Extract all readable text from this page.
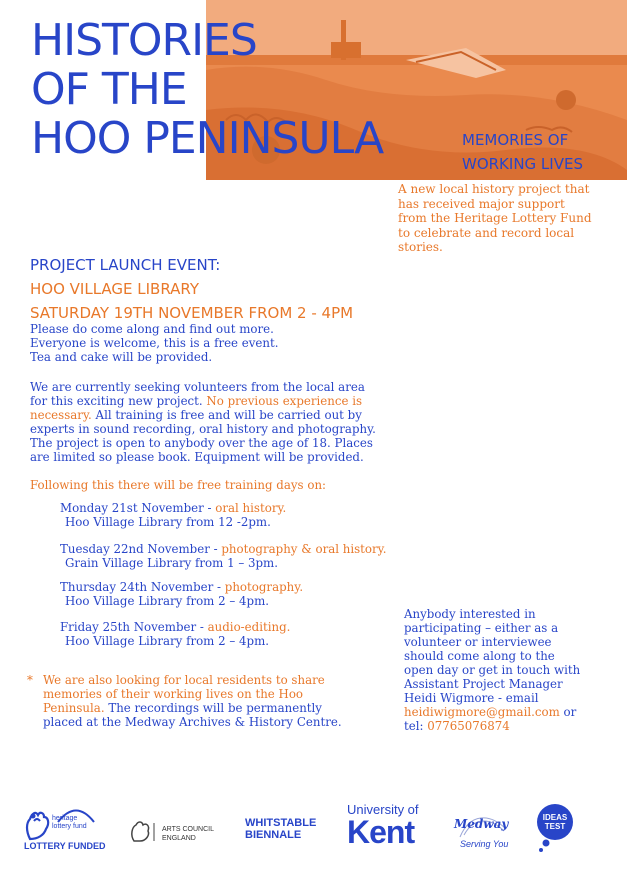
HISTORIES
OF THE
HOO PENINSULA	MEMORIES OF
WORKING LIVES
A new local history project that
has received major support
from the Heritage Lottery Fund
to celebrate and record local
stories.
PROJECT LAUNCH EVENT:
HOO VILLAGE LIBRARY
SATURDAY 19TH NOVEMBER FROM 2 - 4PM
Please do come along and find out more.
Everyone is welcome, this is a free event.
Tea and cake will be provided.
We are currently seeking volunteers from the local area
for this exciting new project. No previous experience is
necessary. All training is free and will be carried out by
experts in sound recording, oral history and photography.
The project is open to anybody over the age of 18. Places
are limited so please book. Equipment will be provided.
Following this there will be free training days on:
Monday 21st November - oral history.
Hoo Village Library from 12 -2pm.
Tuesday 22nd November - photography & oral history.
Grain Village Library from 1 – 3pm.
Thursday 24th November - photography.
Hoo Village Library from 2 – 4pm.
Friday 25th November - audio-editing.
Hoo Village Library from 2 – 4pm.
* We are also looking for local residents to share
memories of their working lives on the Hoo
Peninsula. The recordings will be permanently
placed at the Medway Archives & History Centre.
Anybody interested in
participating – either as a
volunteer or interviewee
should come along to the
open day or get in touch with
Assistant Project Manager
Heidi Wigmore - email
heidiwigmore@gmail.com or
tel: 07765076874
heritage
lottery fund
LOTTERY FUNDED
ARTS COUNCIL
ENGLAND
WHITSTABLE
BIENNALE
University of
Kent	Medway
Serving You
IDEAS
TEST
